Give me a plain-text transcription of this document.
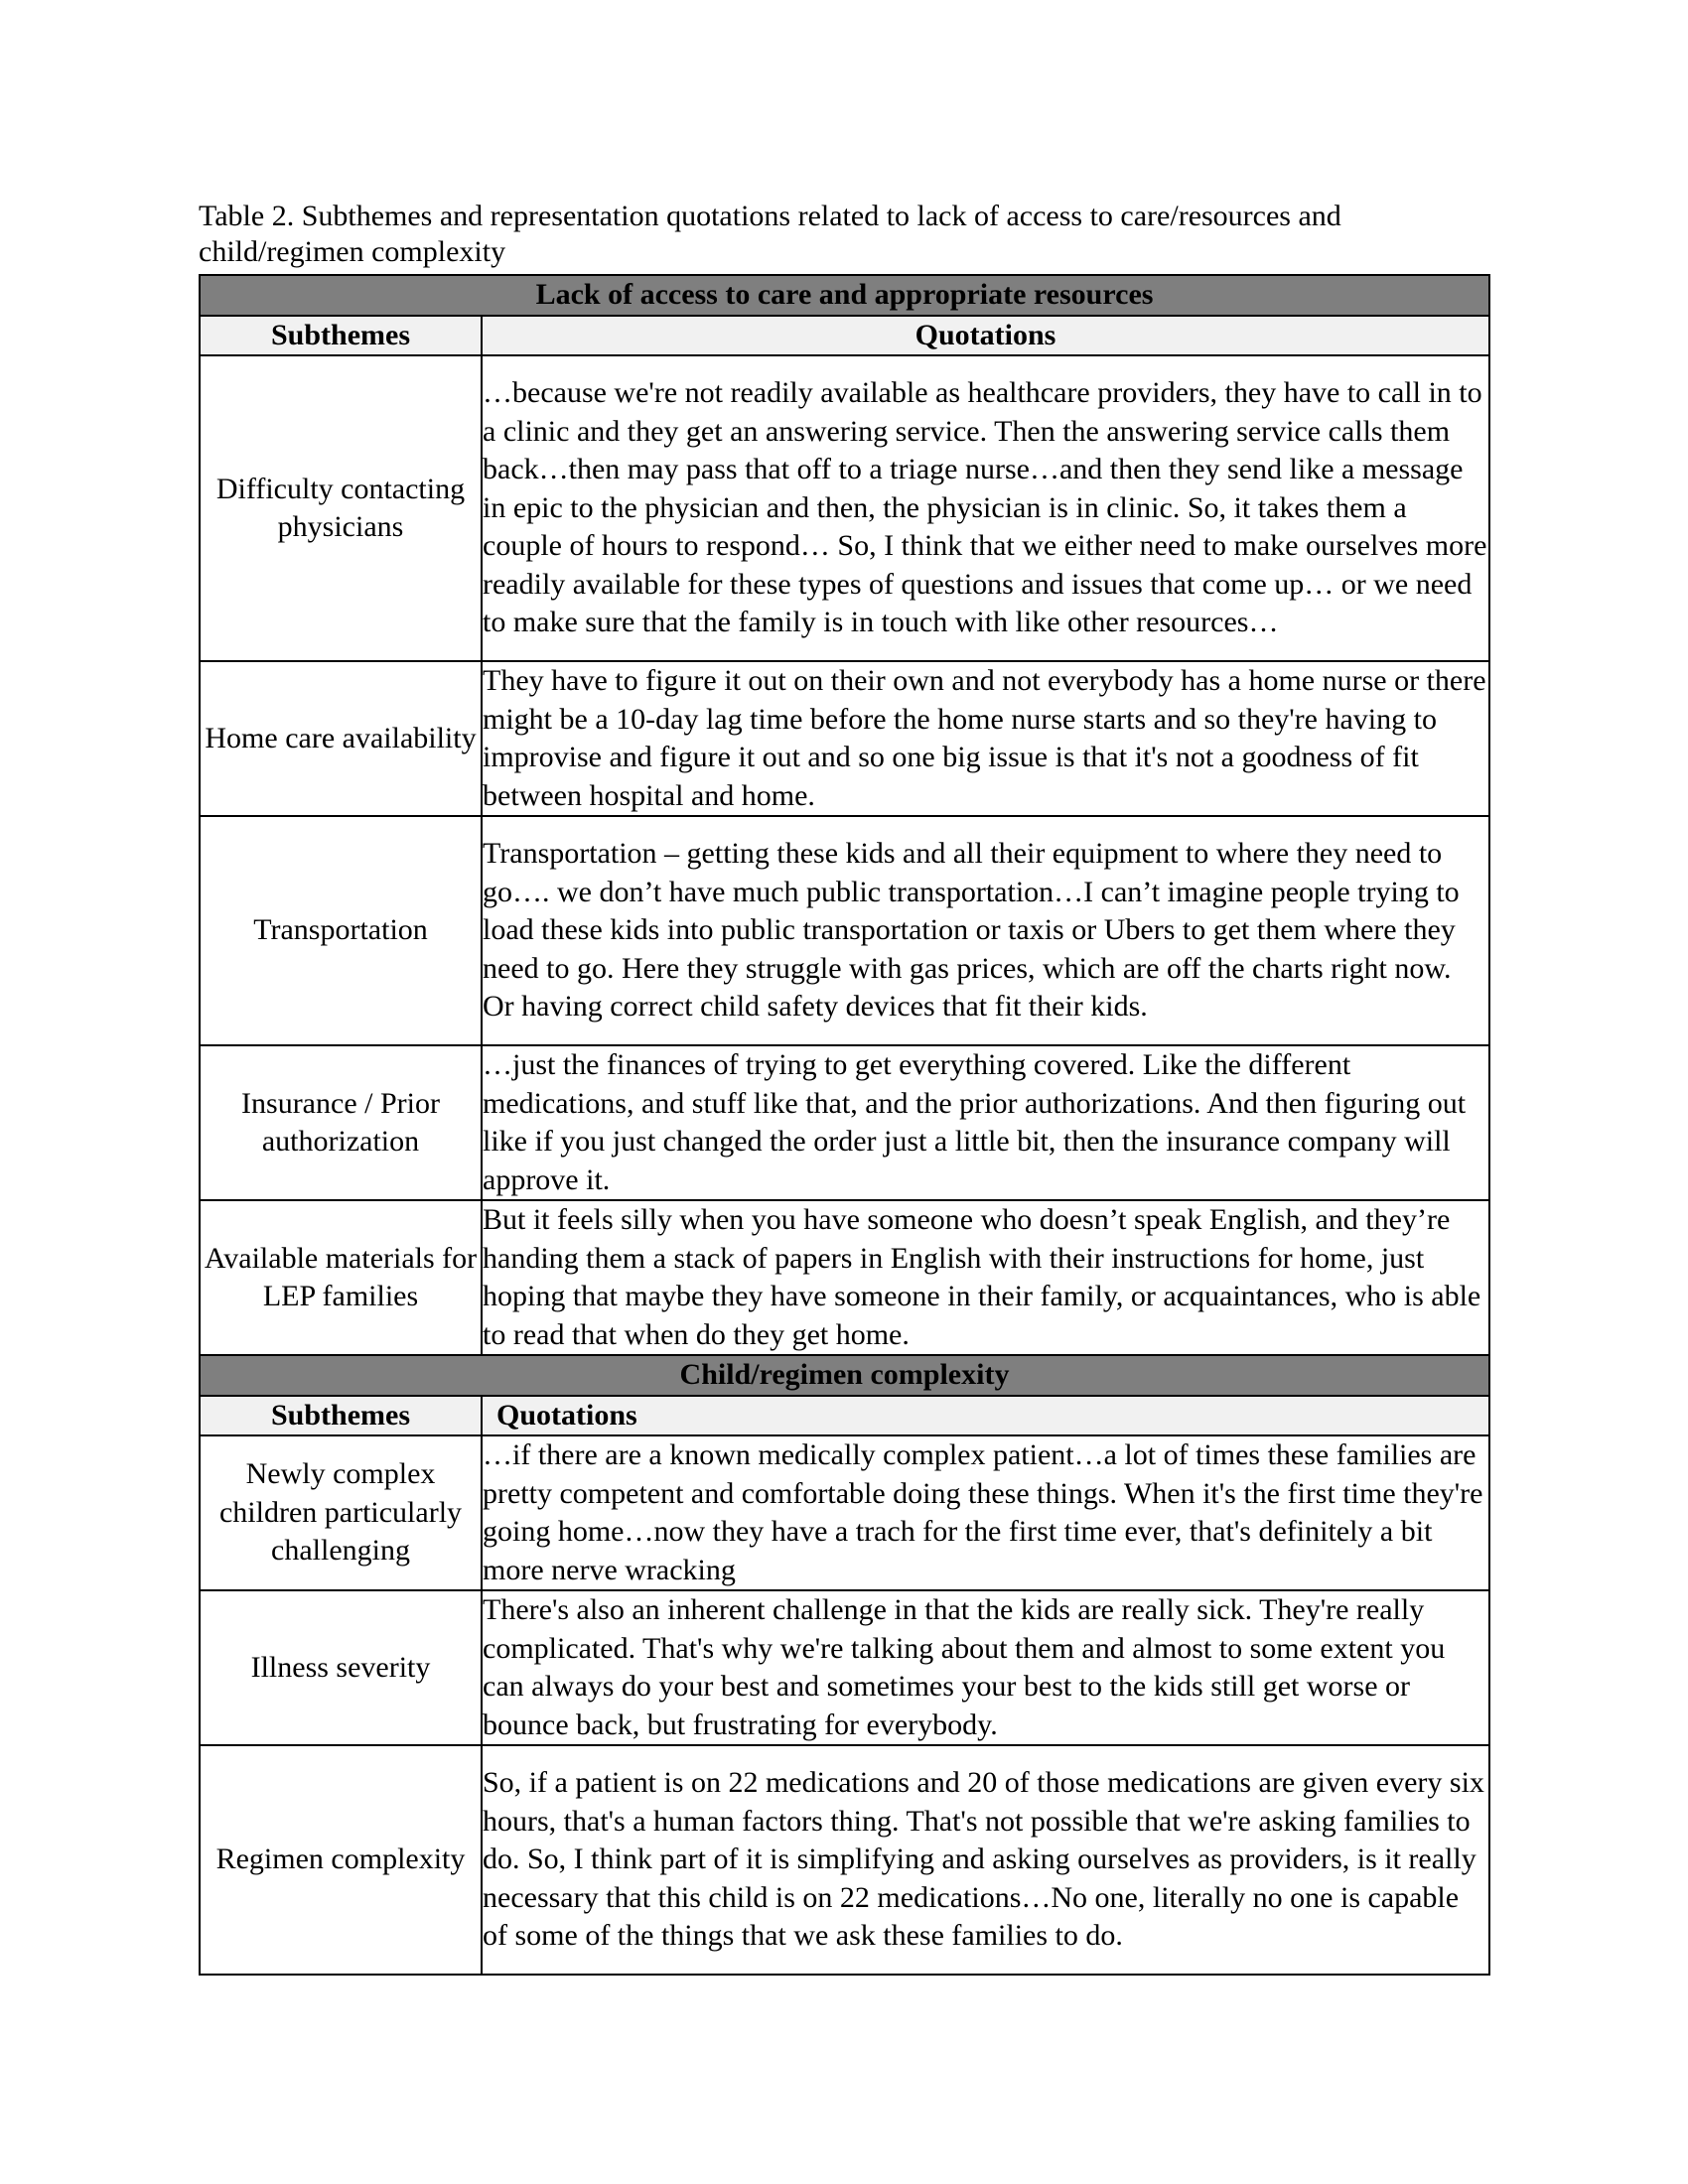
Table 2. Subthemes and representation quotations related to lack of access to care/resources and child/regimen complexity
Lack of access to care and appropriate resources	
Subthemes	Quotations
Difficulty contacting physicians	…because we're not readily available as healthcare providers, they have to call in to a clinic and they get an answering service. Then the answering service calls them back…then may pass that off to a triage nurse…and then they send like a message in epic to the physician and then, the physician is in clinic. So, it takes them a couple of hours to respond… So, I think that we either need to make ourselves more readily available for these types of questions and issues that come up… or we need to make sure that the family is in touch with like other resources…
Home care availability	They have to figure it out on their own and not everybody has a home nurse or there might be a 10-day lag time before the home nurse starts and so they're having to improvise and figure it out and so one big issue is that it's not a goodness of fit between hospital and home.
Transportation	Transportation – getting these kids and all their equipment to where they need to go…. we don’t have much public transportation…I can’t imagine people trying to load these kids into public transportation or taxis or Ubers to get them where they need to go. Here they struggle with gas prices, which are off the charts right now. Or having correct child safety devices that fit their kids.
Insurance / Prior authorization	…just the finances of trying to get everything covered. Like the different medications, and stuff like that, and the prior authorizations. And then figuring out like if you just changed the order just a little bit, then the insurance company will approve it.
Available materials for LEP families	But it feels silly when you have someone who doesn’t speak English, and they’re handing them a stack of papers in English with their instructions for home, just hoping that maybe they have someone in their family, or acquaintances, who is able to read that when do they get home.
Child/regimen complexity	
Subthemes	Quotations
Newly complex children particularly challenging	…if there are a known medically complex patient…a lot of times these families are pretty competent and comfortable doing these things. When it's the first time they're going home…now they have a trach for the first time ever, that's definitely a bit more nerve wracking
Illness severity	There's also an inherent challenge in that the kids are really sick. They're really complicated. That's why we're talking about them and almost to some extent you can always do your best and sometimes your best to the kids still get worse or bounce back, but frustrating for everybody.
Regimen complexity	So, if a patient is on 22 medications and 20 of those medications are given every six hours, that's a human factors thing. That's not possible that we're asking families to do. So, I think part of it is simplifying and asking ourselves as providers, is it really necessary that this child is on 22 medications…No one, literally no one is capable of some of the things that we ask these families to do.
